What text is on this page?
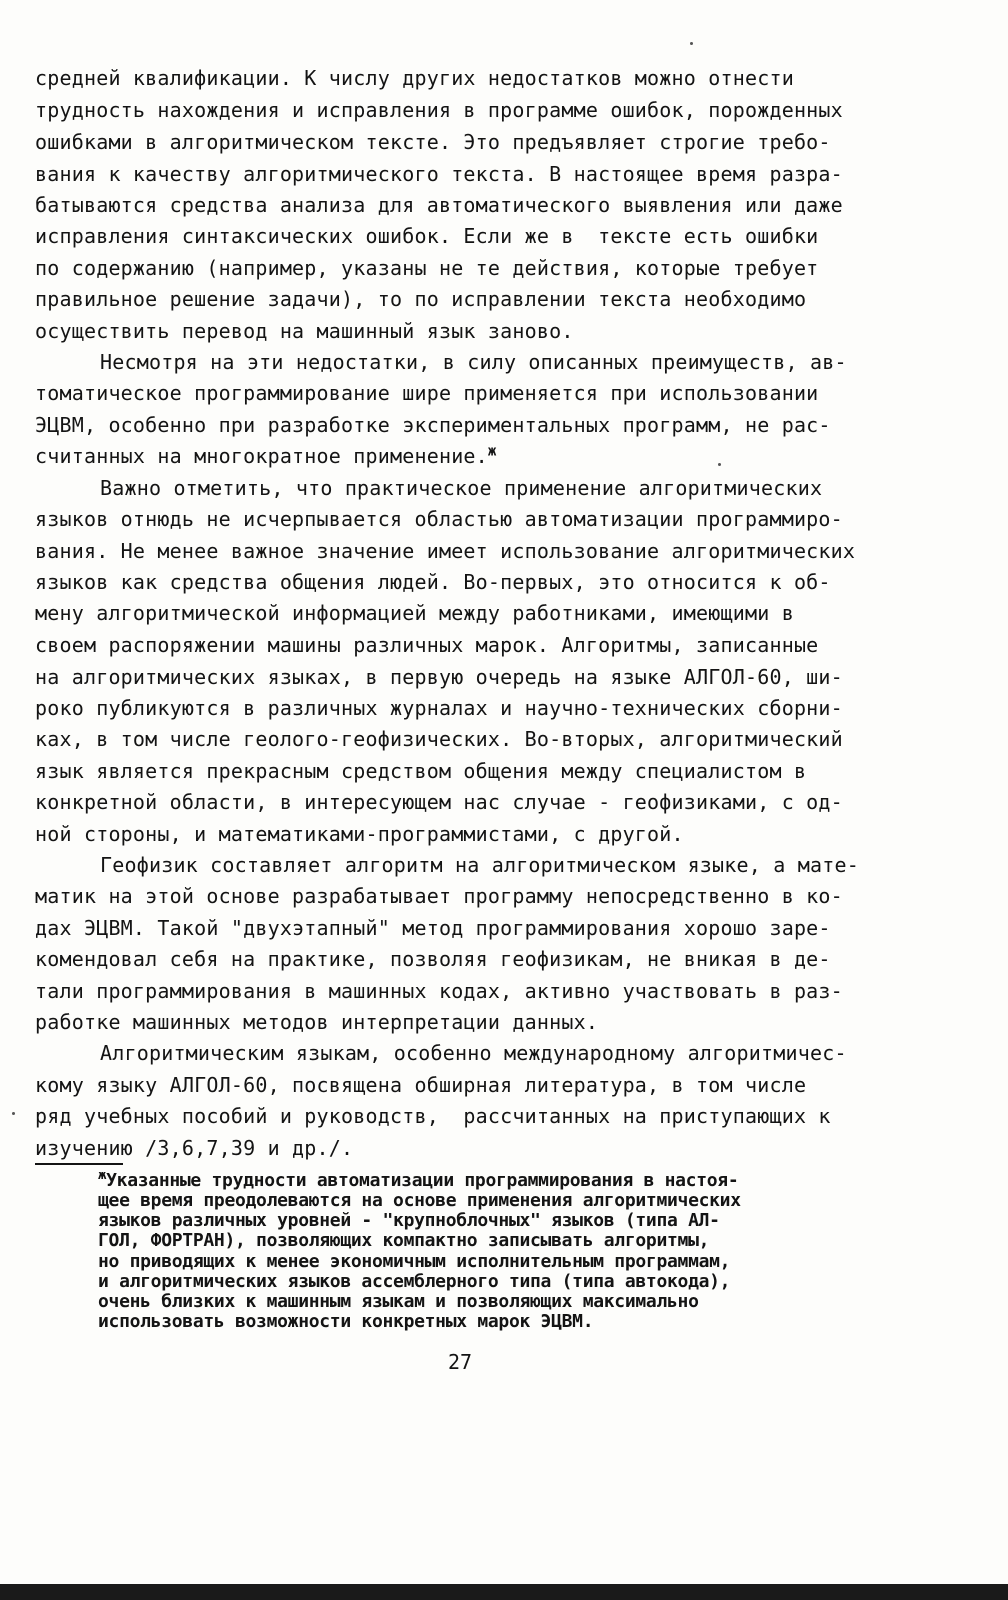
средней квалификации. К числу других недостатков можно отнести
трудность нахождения и исправления в программе ошибок, порожденных
ошибками в алгоритмическом тексте. Это предъявляет строгие требо-
вания к качеству алгоритмического текста. В настоящее время разра-
батываются средства анализа для автоматического выявления или даже
исправления синтаксических ошибок. Если же в  тексте есть ошибки
по содержанию (например, указаны не те действия, которые требует
правильное решение задачи), то по исправлении текста необходимо
осуществить перевод на машинный язык заново.
Несмотря на эти недостатки, в силу описанных преимуществ, ав-
томатическое программирование шире применяется при использовании
ЭЦВМ, особенно при разработке экспериментальных программ, не рас-
считанных на многократное применение.$^ж$
Важно отметить, что практическое применение алгоритмических
языков отнюдь не исчерпывается областью автоматизации программиро-
вания. Не менее важное значение имеет использование алгоритмических
языков как средства общения людей. Во-первых, это относится к об-
мену алгоритмической информацией между работниками, имеющими в
своем распоряжении машины различных марок. Алгоритмы, записанные
на алгоритмических языках, в первую очередь на языке АЛГОЛ-60, ши-
роко публикуются в различных журналах и научно-технических сборни-
ках, в том числе геолого-геофизических. Во-вторых, алгоритмический
язык является прекрасным средством общения между специалистом в
конкретной области, в интересующем нас случае - геофизиками, с од-
ной стороны, и математиками-программистами, с другой.
Геофизик составляет алгоритм на алгоритмическом языке, а мате-
матик на этой основе разрабатывает программу непосредственно в ко-
дах ЭЦВМ. Такой "двухэтапный" метод программирования хорошо заре-
комендовал себя на практике, позволяя геофизикам, не вникая в де-
тали программирования в машинных кодах, активно участвовать в раз-
работке машинных методов интерпретации данных.
Алгоритмическим языкам, особенно международному алгоритмичес-
кому языку АЛГОЛ-60, посвящена обширная литература, в том числе
ряд учебных пособий и руководств,  рассчитанных на приступающих к
изучению /3,6,7,39 и др./.
$^ж$Указанные трудности автоматизации программирования в настоя-
щее время преодолеваются на основе применения алгоритмических
языков различных уровней - "крупноблочных" языков (типа АЛ-
ГОЛ, ФОРТРАН), позволяющих компактно записывать алгоритмы,
но приводящих к менее экономичным исполнительным программам,
и алгоритмических языков ассемблерного типа (типа автокода),
очень близких к машинным языкам и позволяющих максимально
использовать возможности конкретных марок ЭЦВМ.
27
